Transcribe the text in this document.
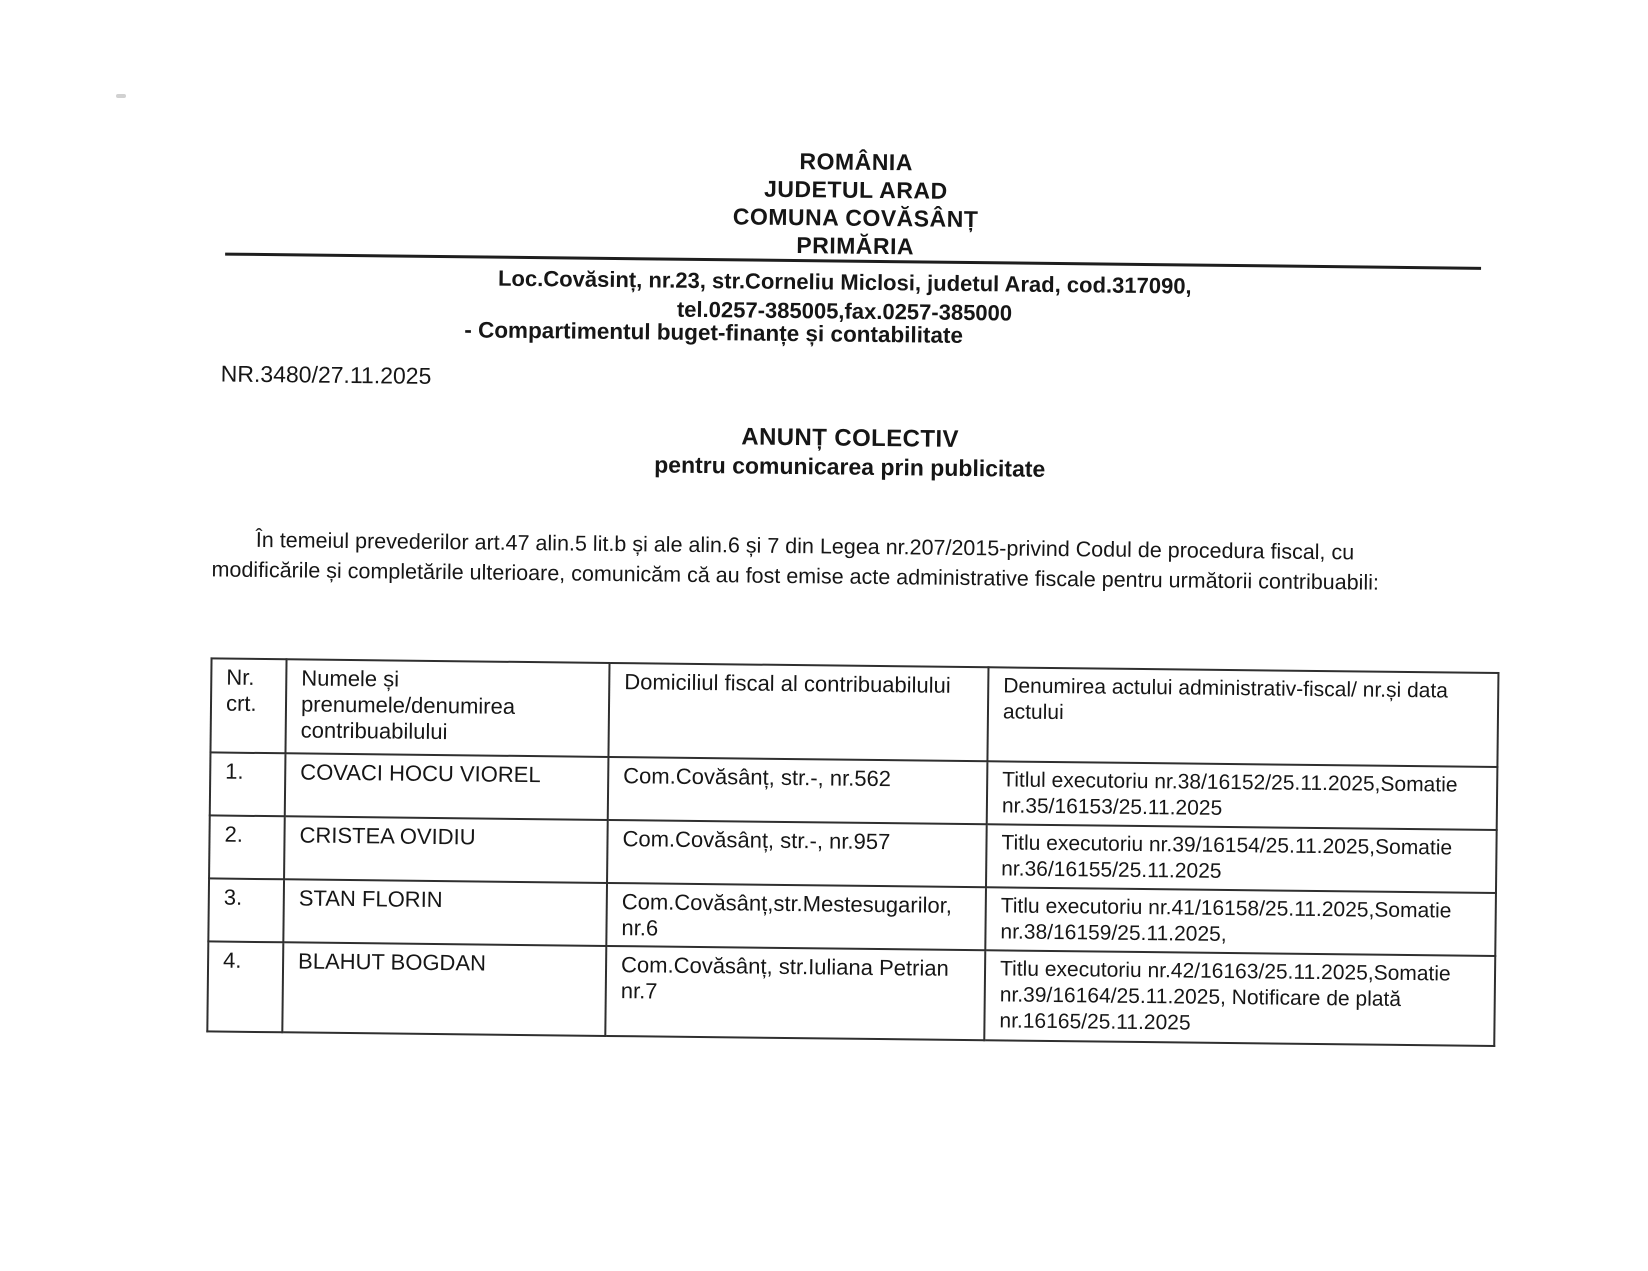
ROMÂNIA
JUDETUL ARAD
COMUNA COVĂSÂNȚ
PRIMĂRIA
Loc.Covăsinț, nr.23, str.Corneliu Miclosi, judetul Arad, cod.317090,
tel.0257-385005,fax.0257-385000
- Compartimentul buget-finanțe și contabilitate
NR.3480/27.11.2025
ANUNȚ COLECTIV
pentru comunicarea prin publicitate

În temeiul prevederilor art.47 alin.5 lit.b și ale alin.6 și 7 din Legea nr.207/2015-privind Codul de procedura fiscal, cu modificările și completările ulterioare, comunicăm că au fost emise acte administrative fiscale pentru următorii contribuabili:

Nr. crt.	Numele și prenumele/denumirea contribuabilului	Domiciliul fiscal al contribuabilului	Denumirea actului administrativ-fiscal/ nr.și data actului
1.	COVACI HOCU VIOREL	Com.Covăsânț, str.-, nr.562	Titlul executoriu nr.38/16152/25.11.2025,Somatie nr.35/16153/25.11.2025
2.	CRISTEA OVIDIU	Com.Covăsânț, str.-, nr.957	Titlu executoriu nr.39/16154/25.11.2025,Somatie nr.36/16155/25.11.2025
3.	STAN FLORIN	Com.Covăsânț,str.Mestesugarilor, nr.6	Titlu executoriu nr.41/16158/25.11.2025,Somatie nr.38/16159/25.11.2025,
4.	BLAHUT BOGDAN	Com.Covăsânț, str.Iuliana Petrian nr.7	Titlu executoriu nr.42/16163/25.11.2025,Somatie nr.39/16164/25.11.2025, Notificare de plată nr.16165/25.11.2025
